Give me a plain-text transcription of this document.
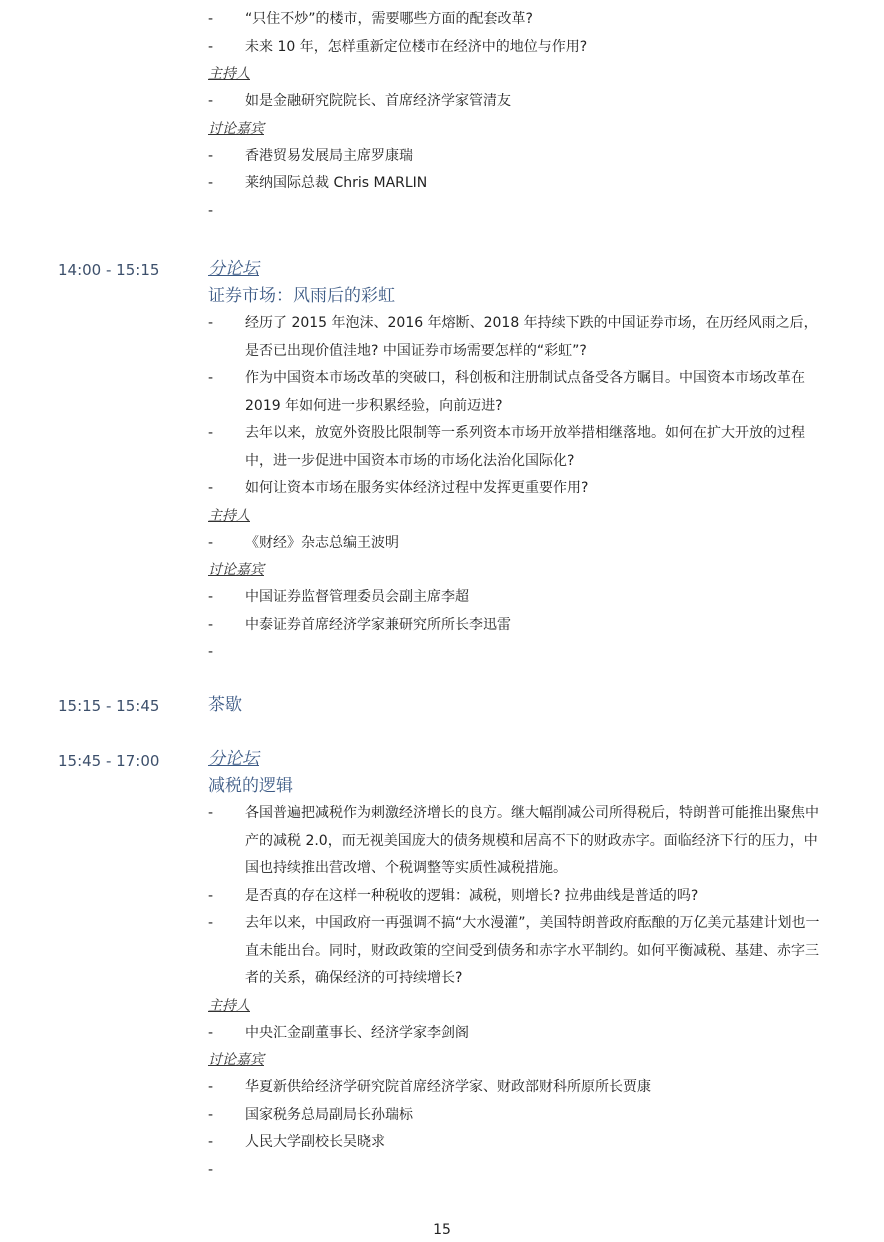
-	“只住不炒”的楼市，需要哪些方面的配套改革?
-	未来 10 年，怎样重新定位楼市在经济中的地位与作用?
主持人
-	如是金融研究院院长、首席经济学家管清友
讨论嘉宾
-	香港贸易发展局主席罗康瑞
-	莱纳国际总裁 Chris MARLIN
-
14:00 - 15:15	分论坛
证券市场：风雨后的彩虹
-	经历了 2015 年泡沫、2016 年熔断、2018 年持续下跌的中国证券市场，在历经风雨之后，是否已出现价值洼地? 中国证券市场需要怎样的“彩虹”?
-	作为中国资本市场改革的突破口，科创板和注册制试点备受各方瞩目。中国资本市场改革在 2019 年如何进一步积累经验，向前迈进?
-	去年以来，放宽外资股比限制等一系列资本市场开放举措相继落地。如何在扩大开放的过程中，进一步促进中国资本市场的市场化法治化国际化?
-	如何让资本市场在服务实体经济过程中发挥更重要作用?
主持人
-	《财经》杂志总编王波明
讨论嘉宾
-	中国证券监督管理委员会副主席李超
-	中泰证券首席经济学家兼研究所所长李迅雷
-
15:15 - 15:45	茶歇
15:45 - 17:00	分论坛
减税的逻辑
-	各国普遍把减税作为刺激经济增长的良方。继大幅削减公司所得税后，特朗普可能推出聚焦中产的减税 2.0，而无视美国庞大的债务规模和居高不下的财政赤字。面临经济下行的压力，中国也持续推出营改增、个税调整等实质性减税措施。
-	是否真的存在这样一种税收的逻辑：减税，则增长? 拉弗曲线是普适的吗?
-	去年以来，中国政府一再强调不搞“大水漫灌”，美国特朗普政府酝酿的万亿美元基建计划也一直未能出台。同时，财政政策的空间受到债务和赤字水平制约。如何平衡减税、基建、赤字三者的关系，确保经济的可持续增长?
主持人
-	中央汇金副董事长、经济学家李剑阁
讨论嘉宾
-	华夏新供给经济学研究院首席经济学家、财政部财科所原所长贾康
-	国家税务总局副局长孙瑞标
-	人民大学副校长吴晓求
-
15
